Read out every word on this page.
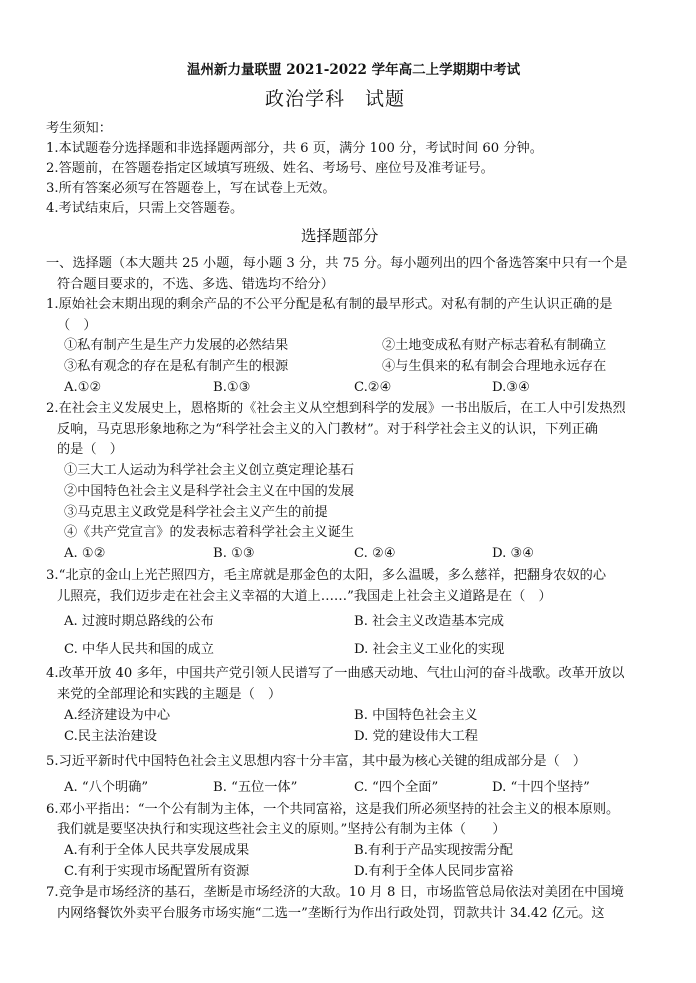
温州新力量联盟 2021-2022 学年高二上学期期中考试
政治学科　试题
考生须知：
1.本试题卷分选择题和非选择题两部分，共 6 页，满分 100 分，考试时间 60 分钟。
2.答题前，在答题卷指定区域填写班级、姓名、考场号、座位号及准考证号。
3.所有答案必须写在答题卷上，写在试卷上无效。
4.考试结束后，只需上交答题卷。
选择题部分
一、选择题（本大题共 25 小题，每小题 3 分，共 75 分。每小题列出的四个备选答案中只有一个是
符合题目要求的，不选、多选、错选均不给分）
1.原始社会末期出现的剩余产品的不公平分配是私有制的最早形式。对私有制的产生认识正确的是
（　）
①私有制产生是生产力发展的必然结果	②土地变成私有财产标志着私有制确立
③私有观念的存在是私有制产生的根源	④与生俱来的私有制会合理地永远存在
A.①②	B.①③	C.②④	D.③④
2.在社会主义发展史上，恩格斯的《社会主义从空想到科学的发展》一书出版后，在工人中引发热烈
反响，马克思形象地称之为“科学社会主义的入门教材”。对于科学社会主义的认识，下列正确
的是（　）
①三大工人运动为科学社会主义创立奠定理论基石
②中国特色社会主义是科学社会主义在中国的发展
③马克思主义政党是科学社会主义产生的前提
④《共产党宣言》的发表标志着科学社会主义诞生
A. ①②	B. ①③	C. ②④	D. ③④
3.“北京的金山上光芒照四方，毛主席就是那金色的太阳，多么温暖，多么慈祥，把翻身农奴的心
儿照亮，我们迈步走在社会主义幸福的大道上……”我国走上社会主义道路是在（　）
A. 过渡时期总路线的公布	B. 社会主义改造基本完成
C. 中华人民共和国的成立	D. 社会主义工业化的实现
4.改革开放 40 多年，中国共产党引领人民谱写了一曲感天动地、气壮山河的奋斗战歌。改革开放以
来党的全部理论和实践的主题是（　）
A.经济建设为中心	B. 中国特色社会主义
C.民主法治建设	D. 党的建设伟大工程
5.习近平新时代中国特色社会主义思想内容十分丰富，其中最为核心关键的组成部分是（　）
A. “八个明确”	B. “五位一体”	C. “四个全面”	D. “十四个坚持”
6.邓小平指出：“一个公有制为主体，一个共同富裕，这是我们所必须坚持的社会主义的根本原则。
我们就是要坚决执行和实现这些社会主义的原则。”坚持公有制为主体（　　）
A.有利于全体人民共享发展成果	B.有利于产品实现按需分配
C.有利于实现市场配置所有资源	D.有利于全体人民同步富裕
7.竞争是市场经济的基石，垄断是市场经济的大敌。10 月 8 日，市场监管总局依法对美团在中国境
内网络餐饮外卖平台服务市场实施“二选一”垄断行为作出行政处罚，罚款共计 34.42 亿元。这
